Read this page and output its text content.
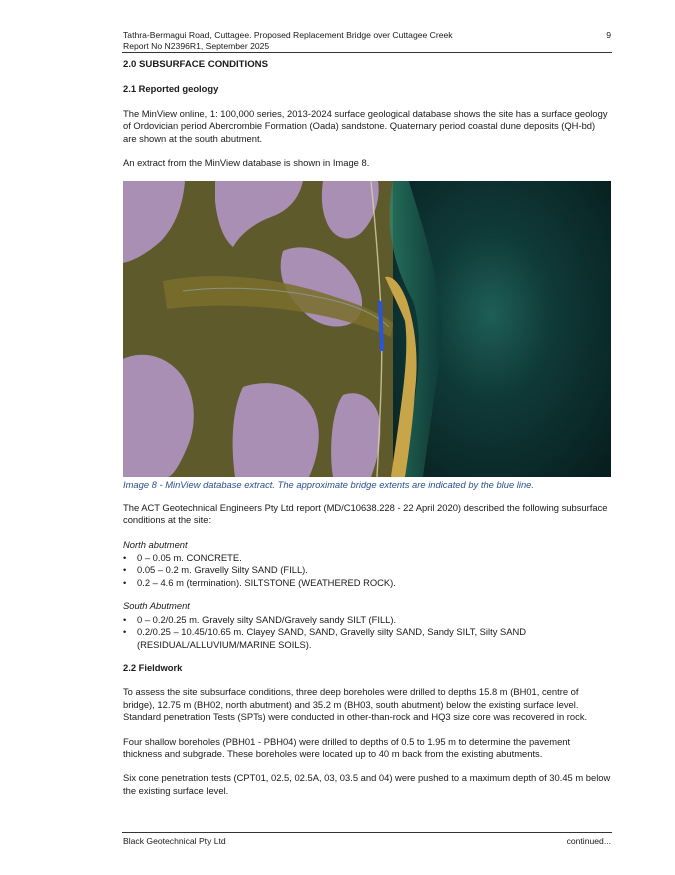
Tathra-Bermagui Road, Cuttagee. Proposed Replacement Bridge over Cuttagee Creek	9
Report No N2396R1, September 2025
2.0 SUBSURFACE CONDITIONS
2.1 Reported geology

The MinView online, 1: 100,000 series, 2013-2024 surface geological database shows the site has a surface geology of Ordovician period Abercrombie Formation (Oada) sandstone. Quaternary period coastal dune deposits (QH-bd) are shown at the south abutment.

An extract from the MinView database is shown in Image 8.

Image 8 - MinView database extract. The approximate bridge extents are indicated by the blue line.

The ACT Geotechnical Engineers Pty Ltd report (MD/C10638.228 - 22 April 2020) described the following subsurface conditions at the site:

North abutment
• 0 – 0.05 m. CONCRETE.
• 0.05 – 0.2 m. Gravelly Silty SAND (FILL).
• 0.2 – 4.6 m (termination). SILTSTONE (WEATHERED ROCK).
South Abutment
• 0 – 0.2/0.25 m. Gravely silty SAND/Gravely sandy SILT (FILL).
• 0.2/0.25 – 10.45/10.65 m. Clayey SAND, SAND, Gravelly silty SAND, Sandy SILT, Silty SAND (RESIDUAL/ALLUVIUM/MARINE SOILS).
2.2 Fieldwork

To assess the site subsurface conditions, three deep boreholes were drilled to depths 15.8 m (BH01, centre of bridge), 12.75 m (BH02, north abutment) and 35.2 m (BH03, south abutment) below the existing surface level. Standard penetration Tests (SPTs) were conducted in other-than-rock and HQ3 size core was recovered in rock.

Four shallow boreholes (PBH01 - PBH04) were drilled to depths of 0.5 to 1.95 m to determine the pavement thickness and subgrade. These boreholes were located up to 40 m back from the existing abutments.

Six cone penetration tests (CPT01, 02.5, 02.5A, 03, 03.5 and 04) were pushed to a maximum depth of 30.45 m below the existing surface level.

Black Geotechnical Pty Ltd	continued...
